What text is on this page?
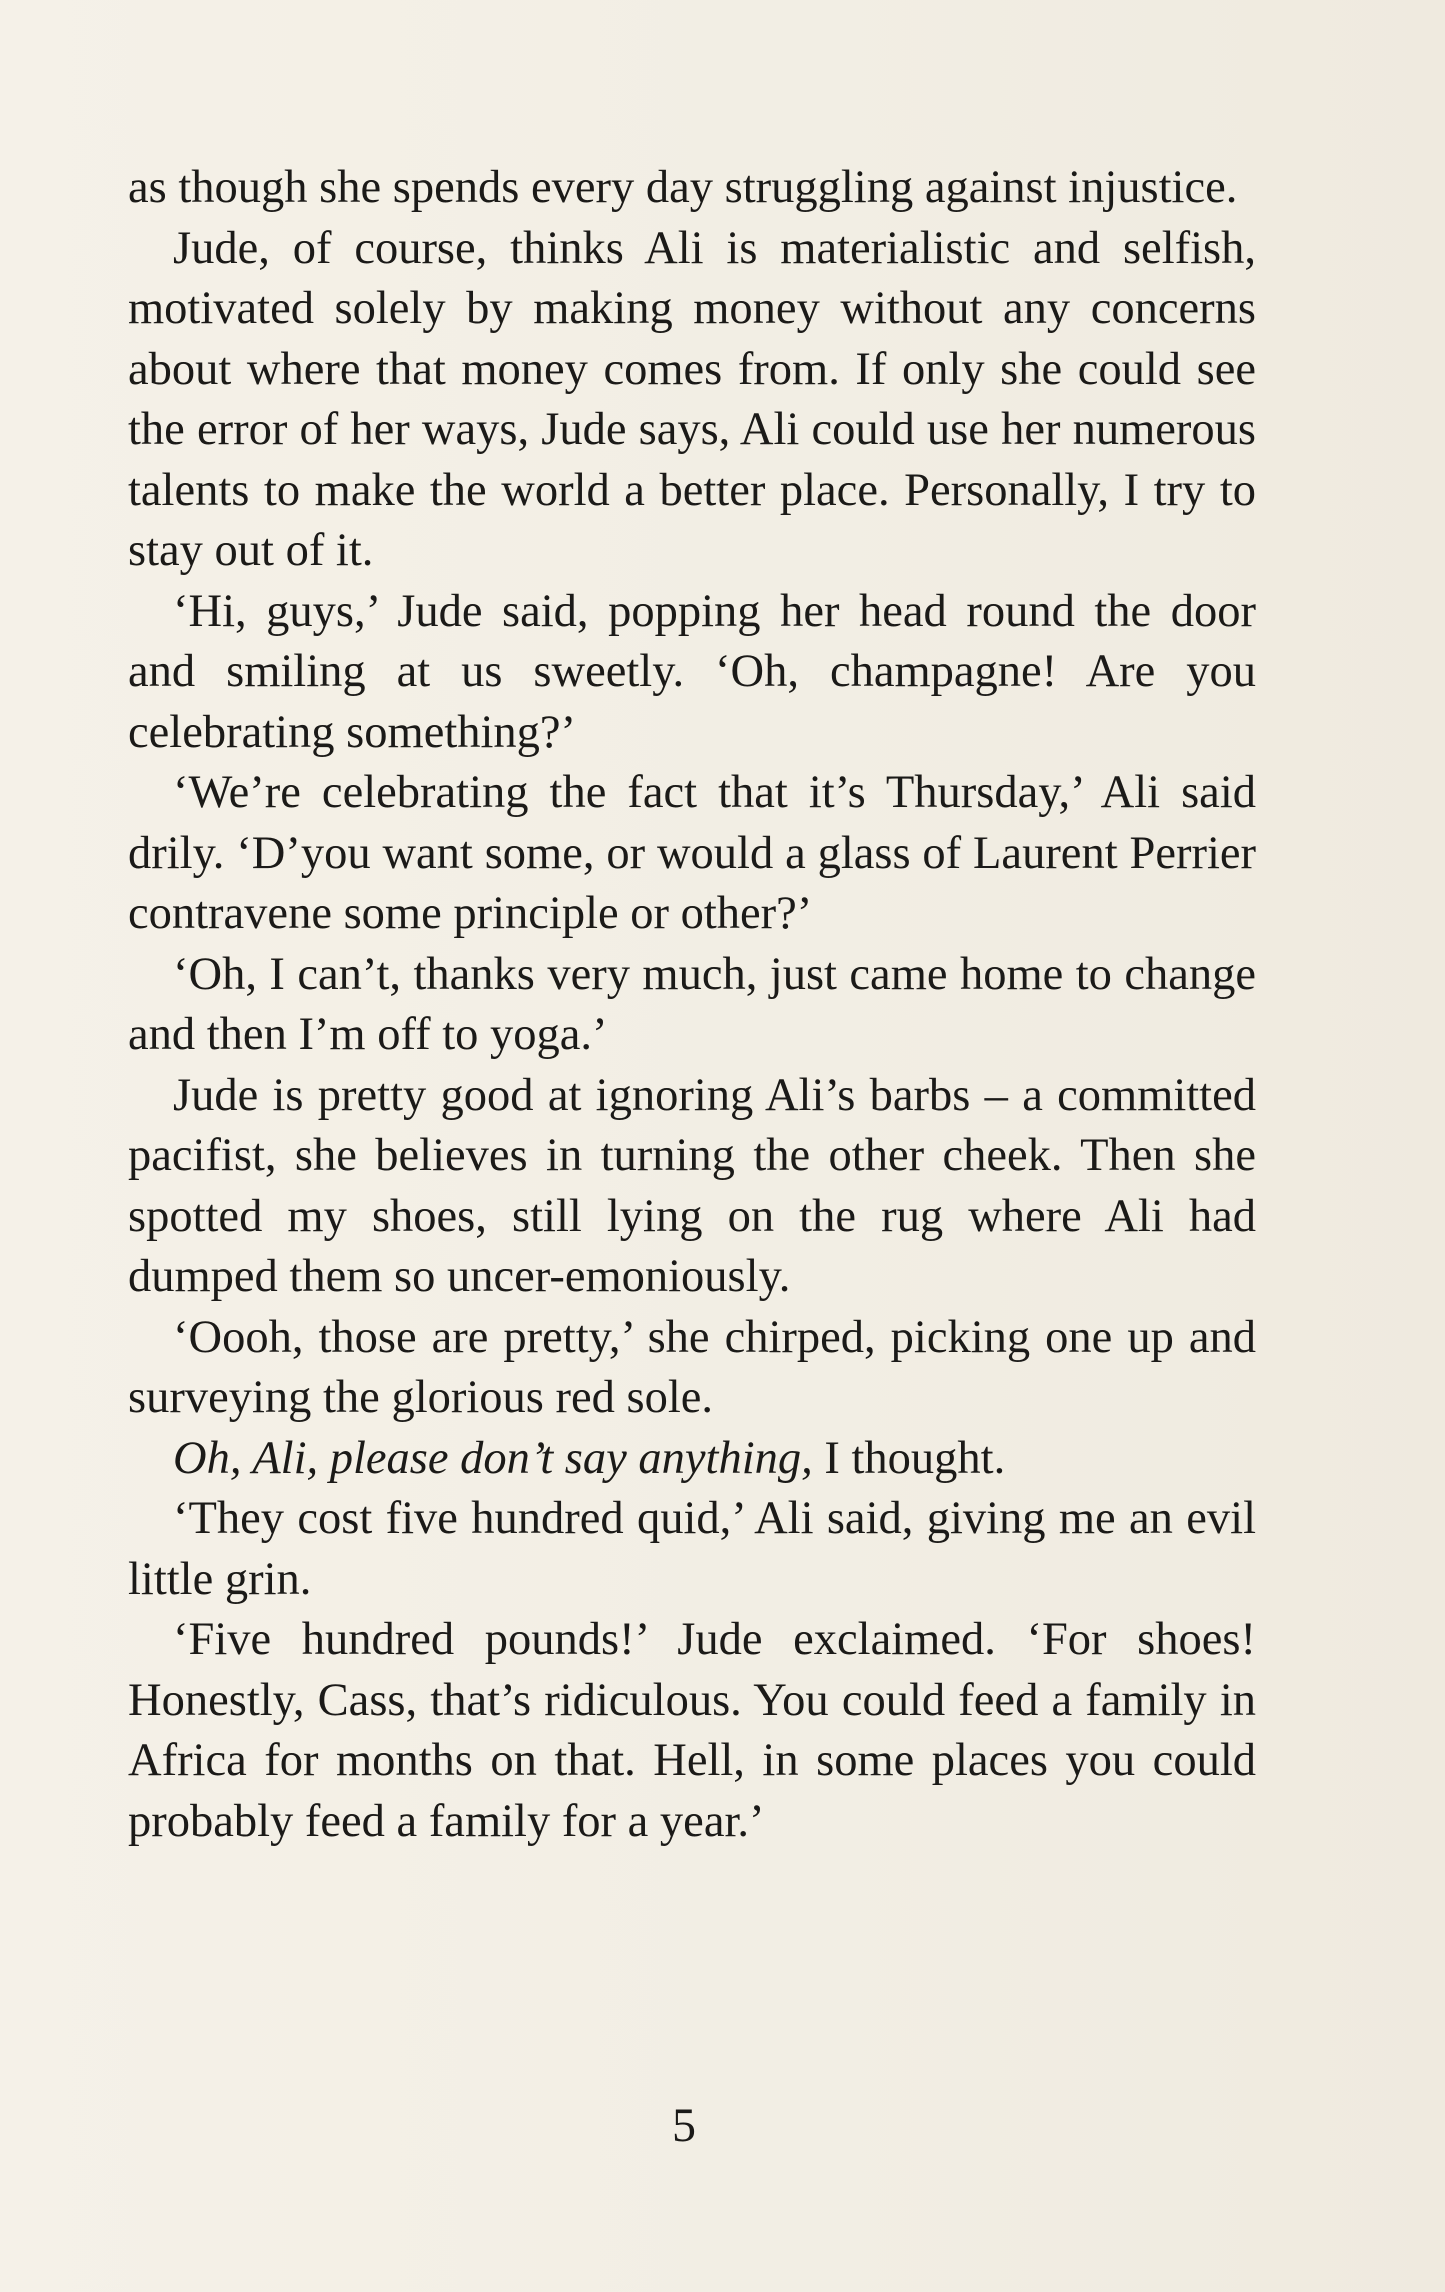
as though she spends every day struggling against injustice.

Jude, of course, thinks Ali is materialistic and selfish, motivated solely by making money without any concerns about where that money comes from. If only she could see the error of her ways, Jude says, Ali could use her numerous talents to make the world a better place. Personally, I try to stay out of it.

‘Hi, guys,’ Jude said, popping her head round the door and smiling at us sweetly. ‘Oh, champagne! Are you celebrating something?’

‘We’re celebrating the fact that it’s Thursday,’ Ali said drily. ‘D’you want some, or would a glass of Laurent Perrier contravene some principle or other?’

‘Oh, I can’t, thanks very much, just came home to change and then I’m off to yoga.’

Jude is pretty good at ignoring Ali’s barbs – a committed pacifist, she believes in turning the other cheek. Then she spotted my shoes, still lying on the rug where Ali had dumped them so uncer-emoniously.

‘Oooh, those are pretty,’ she chirped, picking one up and surveying the glorious red sole.

Oh, Ali, please don’t say anything, I thought.

‘They cost five hundred quid,’ Ali said, giving me an evil little grin.

‘Five hundred pounds!’ Jude exclaimed. ‘For shoes! Honestly, Cass, that’s ridiculous. You could feed a family in Africa for months on that. Hell, in some places you could probably feed a family for a year.’

5
